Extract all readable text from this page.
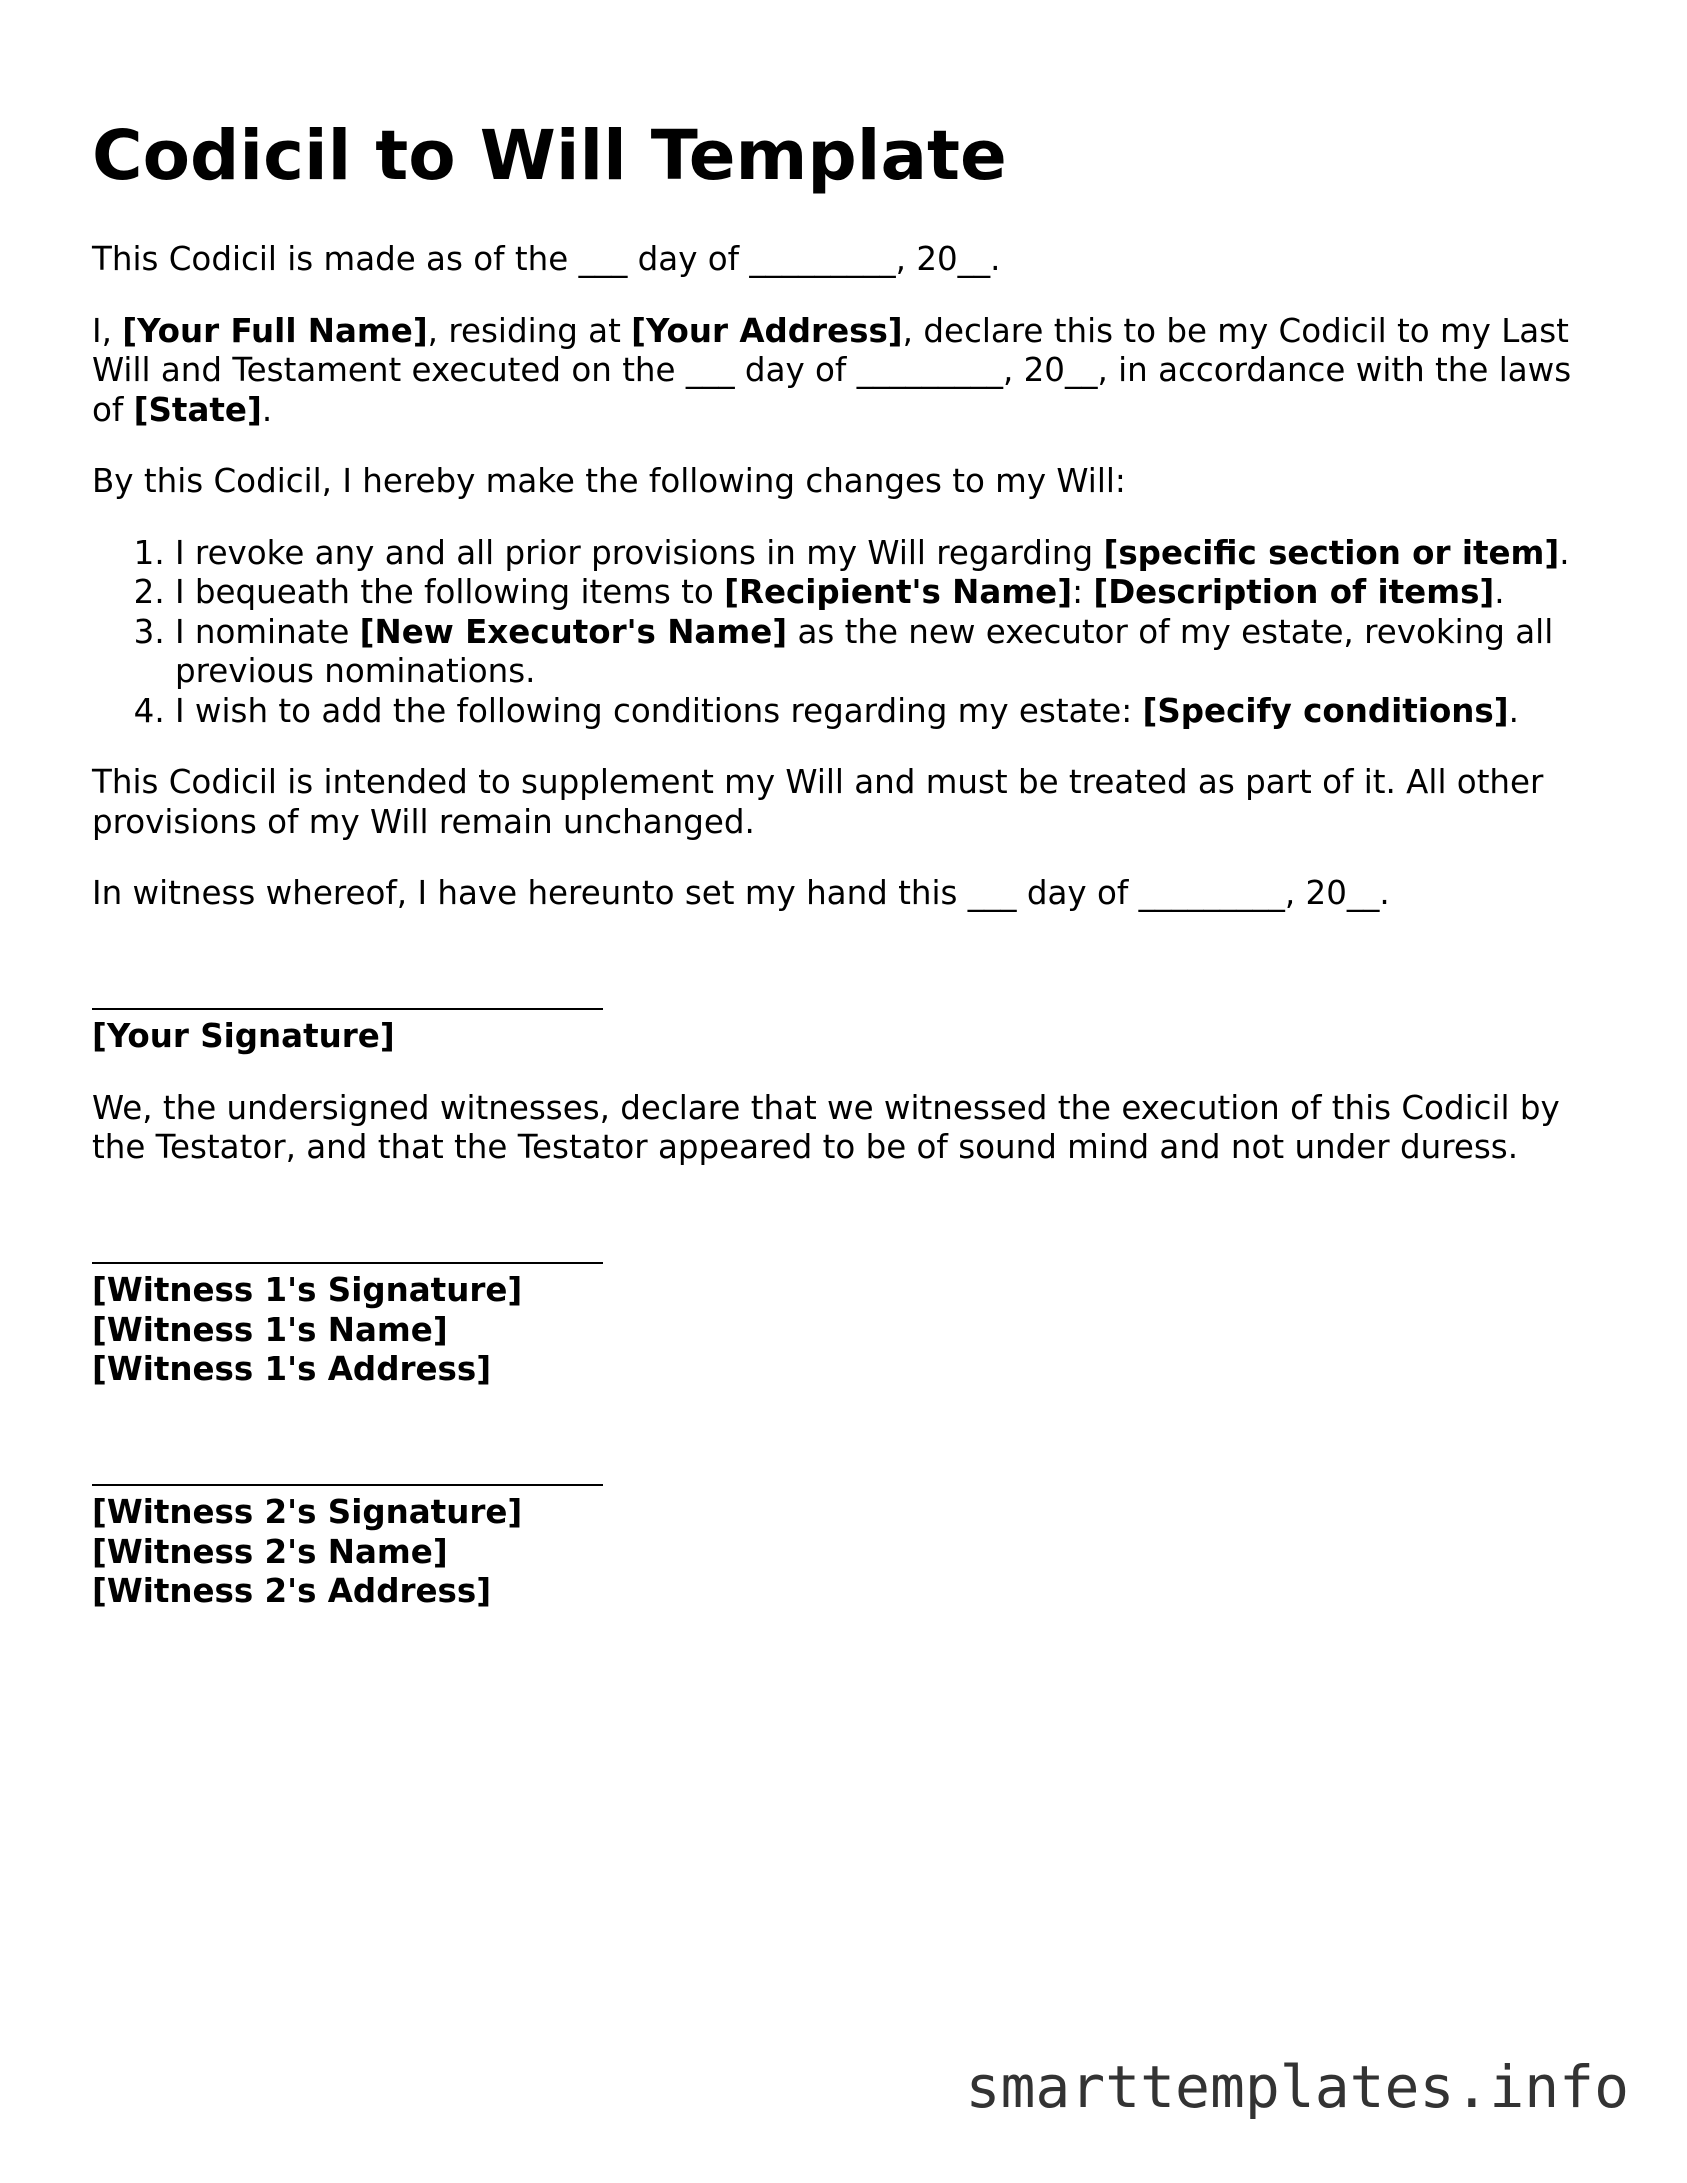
Codicil to Will Template

This Codicil is made as of the ___ day of _________, 20__.

I, [Your Full Name], residing at [Your Address], declare this to be my Codicil to my Last Will and Testament executed on the ___ day of _________, 20__, in accordance with the laws of [State].

By this Codicil, I hereby make the following changes to my Will:

1. I revoke any and all prior provisions in my Will regarding [specific section or item].
2. I bequeath the following items to [Recipient's Name]: [Description of items].
3. I nominate [New Executor's Name] as the new executor of my estate, revoking all previous nominations.
4. I wish to add the following conditions regarding my estate: [Specify conditions].

This Codicil is intended to supplement my Will and must be treated as part of it. All other provisions of my Will remain unchanged.

In witness whereof, I have hereunto set my hand this ___ day of _________, 20__.

[Your Signature]

We, the undersigned witnesses, declare that we witnessed the execution of this Codicil by the Testator, and that the Testator appeared to be of sound mind and not under duress.

[Witness 1's Signature]
[Witness 1's Name]
[Witness 1's Address]
[Witness 2's Signature]
[Witness 2's Name]
[Witness 2's Address]
smarttemplates.info
